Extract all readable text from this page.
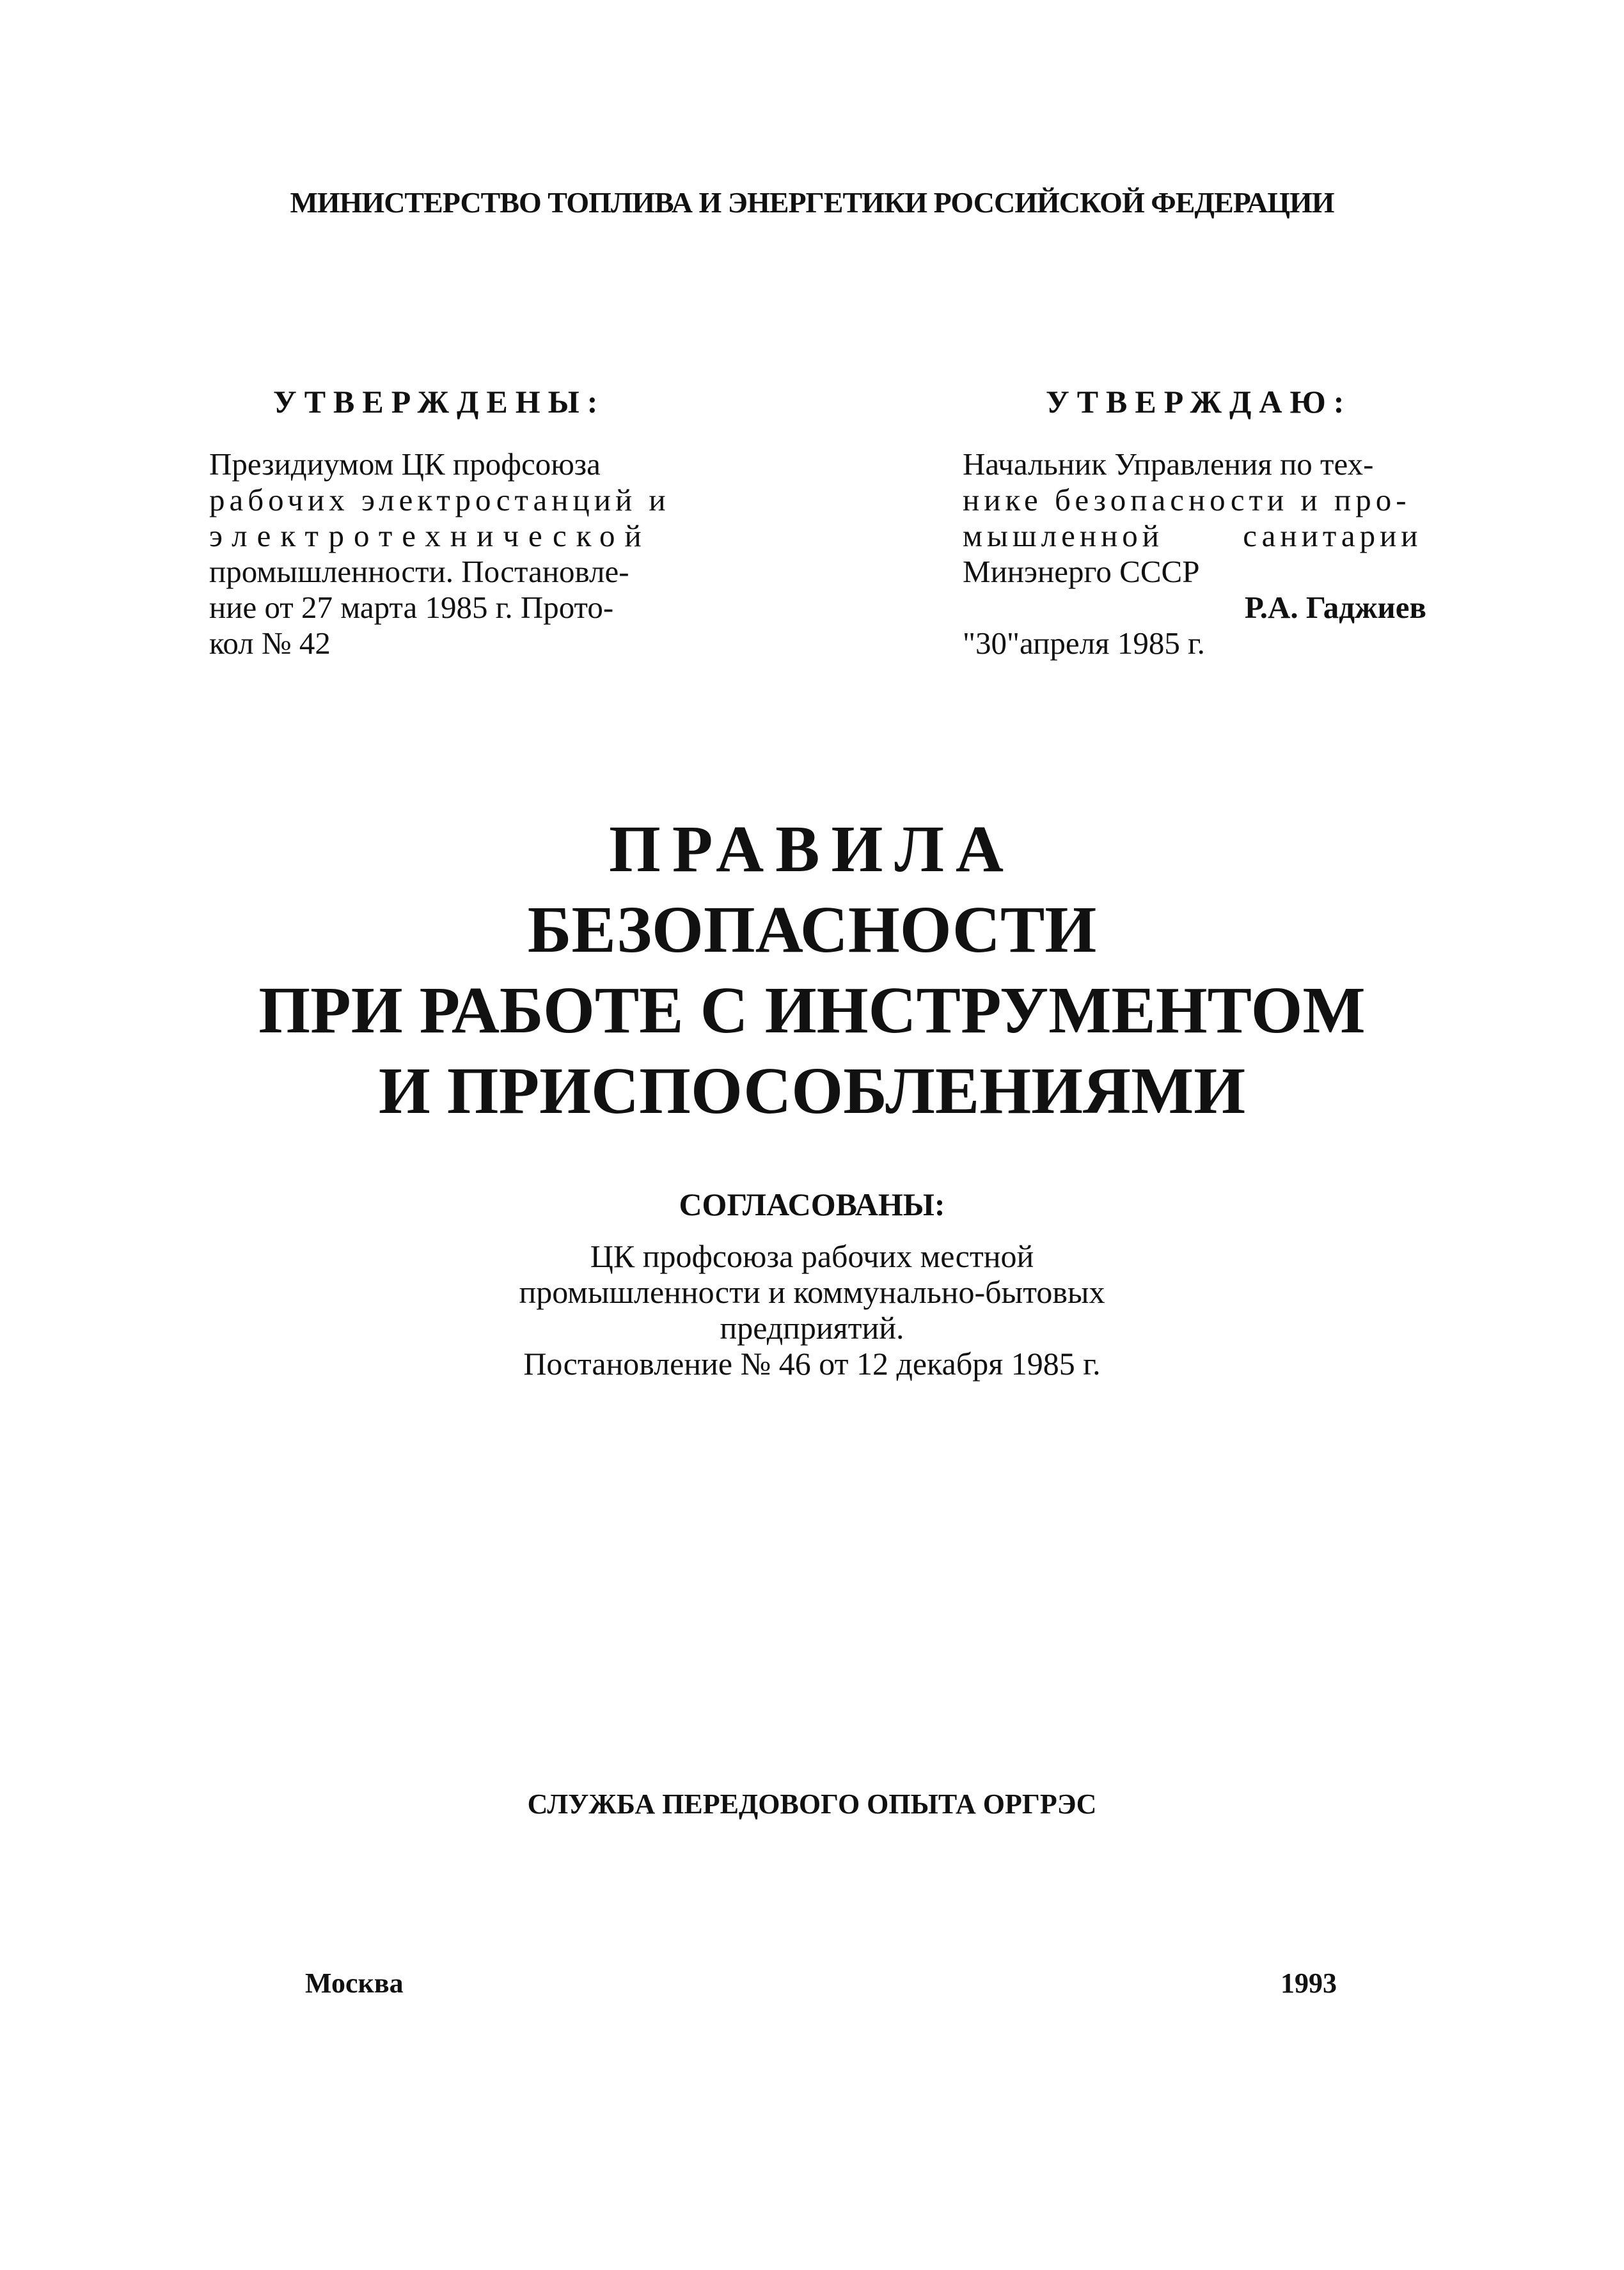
МИНИСТЕРСТВО ТОПЛИВА И ЭНЕРГЕТИКИ РОССИЙСКОЙ ФЕДЕРАЦИИ
УТВЕРЖДЕНЫ:
Президиумом ЦК профсоюза
рабочих электростанций и
электротехнической
промышленности. Постановле-
ние от 27 марта 1985 г. Прото-
кол № 42
УТВЕРЖДАЮ:
Начальник Управления по тех-
нике безопасности и про-
мышленной санитарии
Минэнерго СССР
Р.А. Гаджиев
"30"апреля 1985 г.
ПРАВИЛА
БЕЗОПАСНОСТИ
ПРИ РАБОТЕ С ИНСТРУМЕНТОМ
И ПРИСПОСОБЛЕНИЯМИ
СОГЛАСОВАНЫ:
ЦК профсоюза рабочих местной
промышленности и коммунально-бытовых
предприятий.
Постановление № 46 от 12 декабря 1985 г.
СЛУЖБА ПЕРЕДОВОГО ОПЫТА ОРГРЭС
Москва	1993
